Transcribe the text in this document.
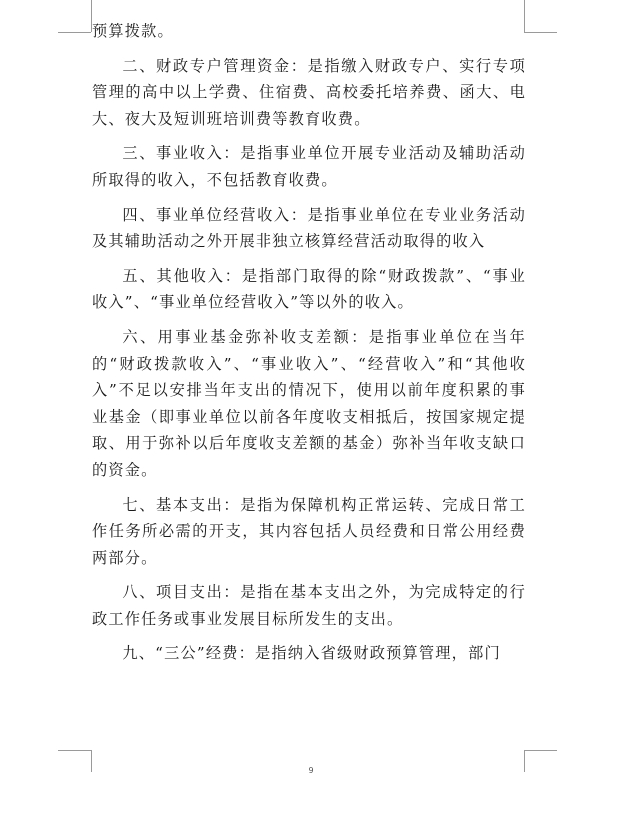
预算拨款。

二、财政专户管理资金：是指缴入财政专户、实行专项管理的高中以上学费、住宿费、高校委托培养费、函大、电大、夜大及短训班培训费等教育收费。

三、事业收入：是指事业单位开展专业活动及辅助活动所取得的收入，不包括教育收费。

四、事业单位经营收入：是指事业单位在专业业务活动及其辅助活动之外开展非独立核算经营活动取得的收入

五、其他收入：是指部门取得的除“财政拨款”、“事业收入”、“事业单位经营收入”等以外的收入。

六、用事业基金弥补收支差额：是指事业单位在当年的“财政拨款收入”、“事业收入”、“经营收入”和“其他收入”不足以安排当年支出的情况下，使用以前年度积累的事业基金（即事业单位以前各年度收支相抵后，按国家规定提取、用于弥补以后年度收支差额的基金）弥补当年收支缺口的资金。

七、基本支出：是指为保障机构正常运转、完成日常工作任务所必需的开支，其内容包括人员经费和日常公用经费两部分。

八、项目支出：是指在基本支出之外，为完成特定的行政工作任务或事业发展目标所发生的支出。

九、“三公”经费：是指纳入省级财政预算管理，部门

9
